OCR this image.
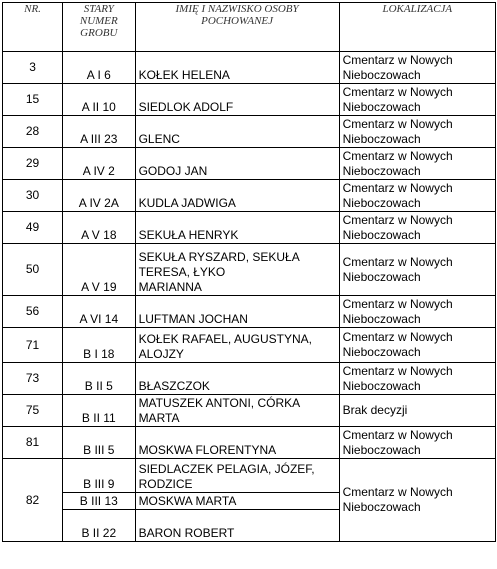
NR.	STARY
NUMER
GROBU	IMIĘ I NAZWISKO OSOBY
POCHOWANEJ	LOKALIZACJA
3	A I 6	KOŁEK HELENA	Cmentarz w Nowych
Nieboczowach

15	A II 10	SIEDLOK ADOLF	Cmentarz w Nowych
Nieboczowach

28	A III 23	GLENC	Cmentarz w Nowych
Nieboczowach

29	A IV 2	GODOJ JAN	Cmentarz w Nowych
Nieboczowach

30	A IV 2A	KUDLA JADWIGA	Cmentarz w Nowych
Nieboczowach

49	A V 18	SEKUŁA HENRYK	Cmentarz w Nowych
Nieboczowach

50	A V 19	SEKUŁA RYSZARD, SEKUŁA
TERESA, ŁYKO
MARIANNA	Cmentarz w Nowych
Nieboczowach

56	A VI 14	LUFTMAN JOCHAN	Cmentarz w Nowych
Nieboczowach

71	B I 18	KOŁEK RAFAEL, AUGUSTYNA,
ALOJZY	Cmentarz w Nowych
Nieboczowach

73	B II 5	BŁASZCZOK	Cmentarz w Nowych
Nieboczowach

75	B II 11	MATUSZEK ANTONI, CÓRKA
MARTA	Brak decyzji

81	B III 5	MOSKWA FLORENTYNA	Cmentarz w Nowych
Nieboczowach

82	B III 9	SIEDLACZEK PELAGIA, JÓZEF,
RODZICE	Cmentarz w Nowych
Nieboczowach

	B III 13	MOSKWA MARTA	

	B II 22	BARON ROBERT	
